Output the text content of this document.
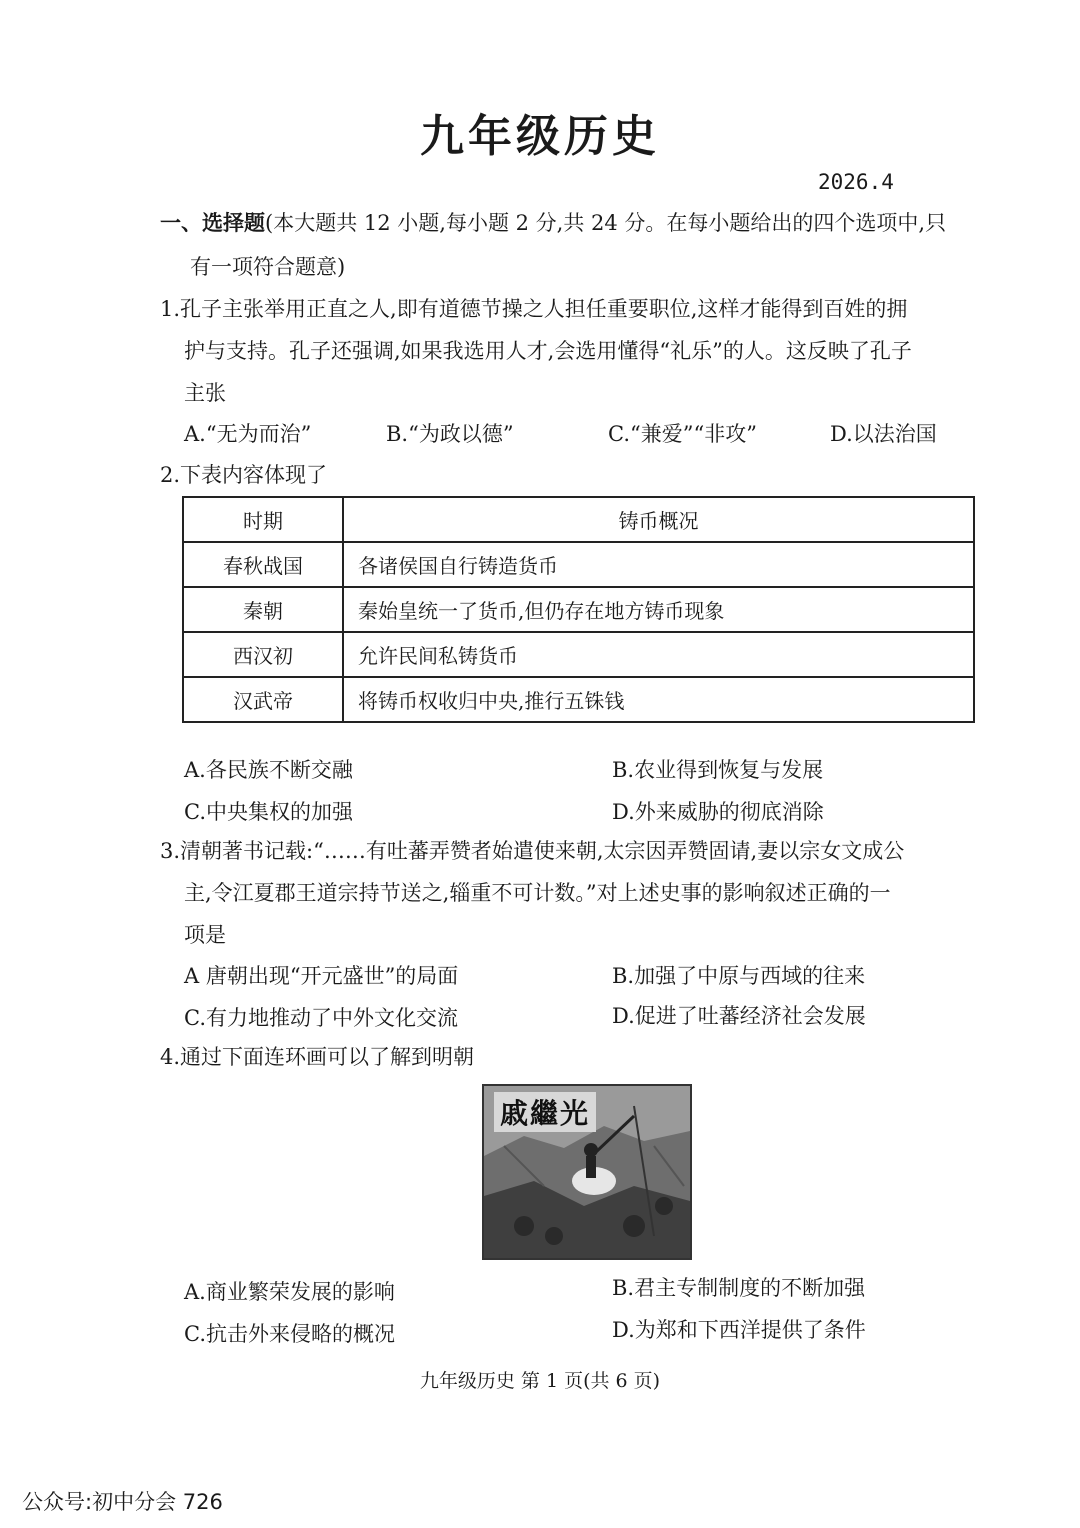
九年级历史
2026.4
一、选择题(本大题共 12 小题,每小题 2 分,共 24 分。在每小题给出的四个选项中,只
有一项符合题意)
1.孔子主张举用正直之人,即有道德节操之人担任重要职位,这样才能得到百姓的拥
护与支持。孔子还强调,如果我选用人才,会选用懂得“礼乐”的人。这反映了孔子
主张
A.“无为而治”	B.“为政以德”	C.“兼爱”“非攻”	D.以法治国
2.下表内容体现了
时期	铸币概况
春秋战国	各诸侯国自行铸造货币
秦朝	秦始皇统一了货币,但仍存在地方铸币现象
西汉初	允许民间私铸货币
汉武帝	将铸币权收归中央,推行五铢钱
A.各民族不断交融	B.农业得到恢复与发展
C.中央集权的加强	D.外来威胁的彻底消除
3.清朝著书记载:“……有吐蕃弄赞者始遣使来朝,太宗因弄赞固请,妻以宗女文成公
主,令江夏郡王道宗持节送之,辎重不可计数。”对上述史事的影响叙述正确的一
项是
A 唐朝出现“开元盛世”的局面	B.加强了中原与西域的往来
C.有力地推动了中外文化交流	D.促进了吐蕃经济社会发展
4.通过下面连环画可以了解到明朝
戚繼光
A.商业繁荣发展的影响	B.君主专制制度的不断加强
C.抗击外来侵略的概况	D.为郑和下西洋提供了条件
九年级历史 第 1 页(共 6 页)
公众号:初中分会 726
